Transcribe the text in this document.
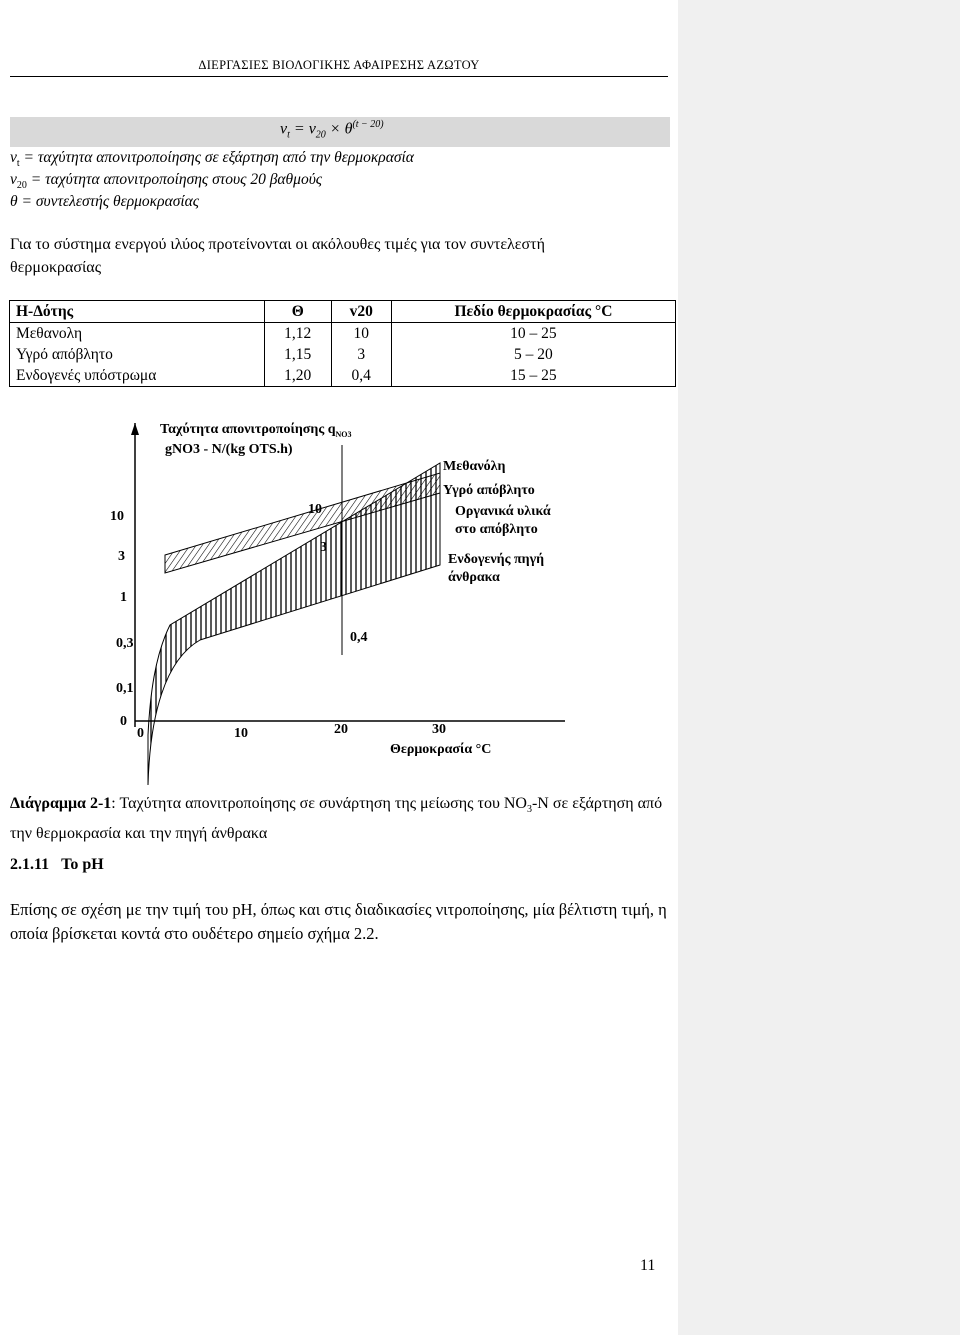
ΔΙΕΡΓΑΣΙΕΣ ΒΙΟΛΟΓΙΚΗΣ ΑΦΑΙΡΕΣΗΣ ΑΖΩΤΟΥ
$v_t = v_{20} \times \theta^{(t - 20)}$
$v_t = \tau\alpha\chi ύ\tau\eta\tau\alpha$ απονιτροποίησης σε εξάρτηση από την θερμοκρασία
$v_{20} = \tau\alpha\chi ύ\tau\eta\tau\alpha$ απονιτροποίησης στους 20 βαθμούς
θ = συντελεστής θερμοκρασίας
Για το σύστημα ενεργού ιλύος προτείνονται οι ακόλουθες τιμές για τον συντελεστή
θερμοκρασίας
Η-Δότης	Θ	v20	Πεδίο θερμοκρασίας °C
Μεθανολη	1,12	10	10 – 25
Υγρό απόβλητο	1,15	3	5 – 20
Ενδογενές υπόστρωμα	1,20	0,4	15 – 25
Ταχύτητα απονιτροποίησης $q_{NO3}$
gNO3 - N/(kg OTS.h)
10
3
1
0,3
0,1
0
0	10	20	30
Θερμοκρασία °C
10
3
0,4
Μεθανόλη
Υγρό απόβλητο
Οργανικά υλικά
στο απόβλητο
Ενδογενής πηγή
άνθρακα
Διάγραμμα 2-1: Ταχύτητα απονιτροποίησης σε συνάρτηση της μείωσης του $NO_3-N$ σε εξάρτηση από την θερμοκρασία και την πηγή άνθρακα
2.1.11 Το pH
Επίσης σε σχέση με την τιμή του pH, όπως και στις διαδικασίες νιτροποίησης, μία βέλτιστη τιμή, η οποία βρίσκεται κοντά στο ουδέτερο σημείο σχήμα 2.2.
11
